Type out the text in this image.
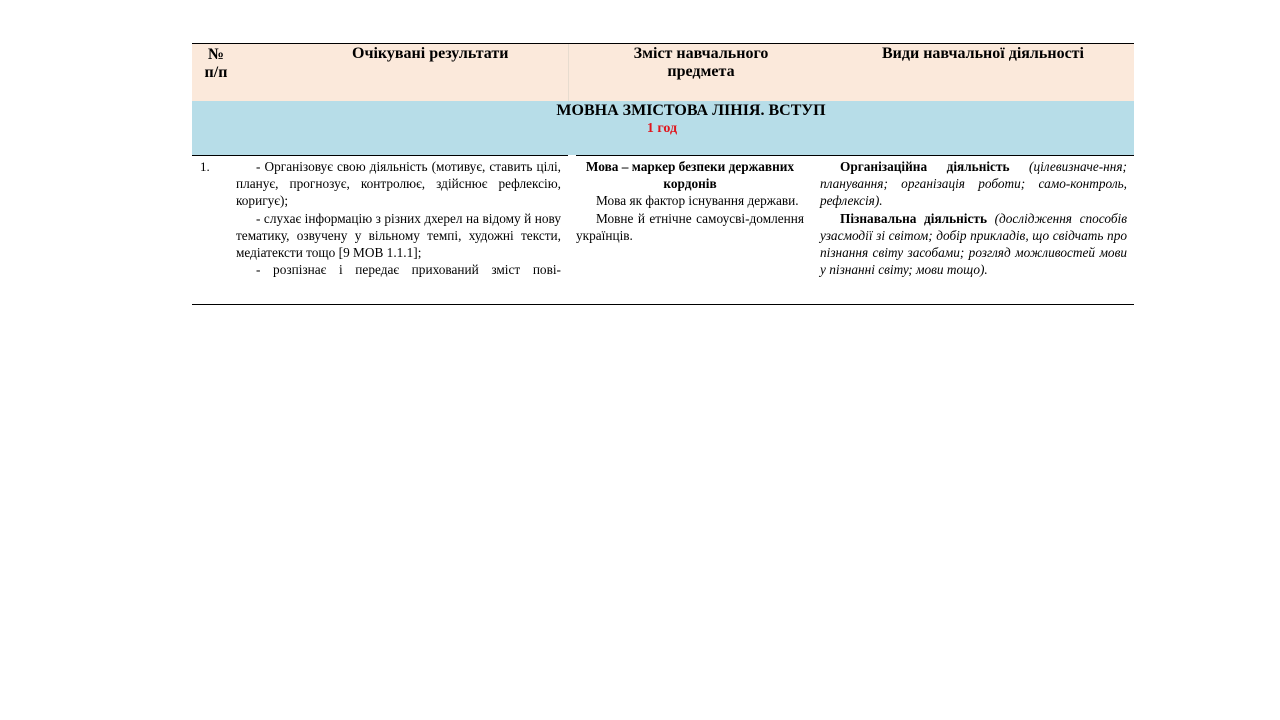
№ п/п
Очікувані результати	Зміст навчального предмета
Види навчальної діяльності
МОВНА ЗМІСТОВА ЛІНІЯ. ВСТУП
1 год
1.	- Організовує свою діяльність (мотивує, ставить цілі, планує, прогнозує, контролює, здійснює рефлексію, коригує);

- слухає інформацію з різних дхерел на відому й нову тематику, озвучену у вільному темпі, художні тексти, медіатексти тощо [9 МОВ 1.1.1];

- розпізнає і передає прихований зміст пові-

Мова – маркер безпеки державних кордонів

Мова як фактор існування держави.

Мовне й етнічне самоусві-домлення українців.

Організаційна діяльність (цілевизначе-ння; планування; організація роботи; само-контроль, рефлексія).

Пізнавальна діяльність (дослідження способів узасмодії зі світом; добір прикладів, що свідчать про пізнання світу засобами; розгляд можливостей мови у пізнанні світу; мови тощо).
